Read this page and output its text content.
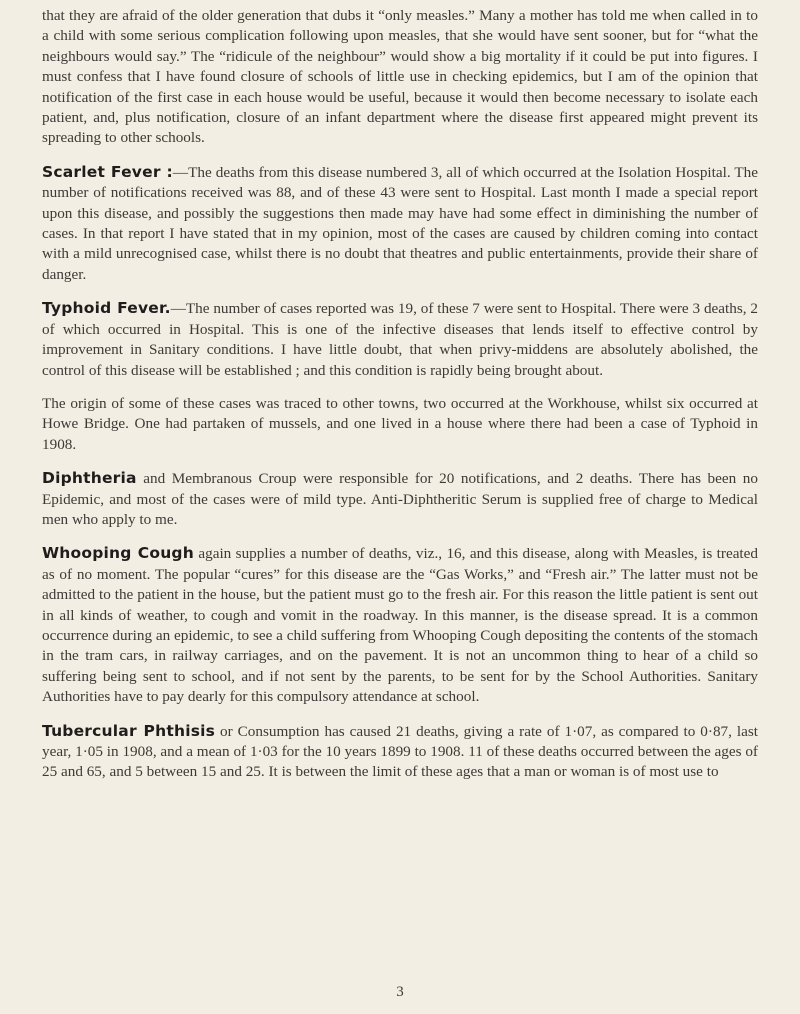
that they are afraid of the older generation that dubs it “only measles.” Many a mother has told me when called in to a child with some serious complication following upon measles, that she would have sent sooner, but for “what the neighbours would say.” The “ridicule of the neighbour” would show a big mortality if it could be put into figures. I must confess that I have found closure of schools of little use in checking epidemics, but I am of the opinion that notification of the first case in each house would be useful, because it would then become necessary to isolate each patient, and, plus notification, closure of an infant department where the disease first appeared might prevent its spreading to other schools.

Scarlet Fever :—The deaths from this disease numbered 3, all of which occurred at the Isolation Hospital. The number of notifications received was 88, and of these 43 were sent to Hospital. Last month I made a special report upon this disease, and possibly the suggestions then made may have had some effect in diminishing the number of cases. In that report I have stated that in my opinion, most of the cases are caused by children coming into contact with a mild unrecognised case, whilst there is no doubt that theatres and public entertainments, provide their share of danger.

Typhoid Fever.—The number of cases reported was 19, of these 7 were sent to Hospital. There were 3 deaths, 2 of which occurred in Hospital. This is one of the infective diseases that lends itself to effective control by improvement in Sanitary conditions. I have little doubt, that when privy-middens are absolutely abolished, the control of this disease will be established ; and this condition is rapidly being brought about.

The origin of some of these cases was traced to other towns, two occurred at the Workhouse, whilst six occurred at Howe Bridge. One had partaken of mussels, and one lived in a house where there had been a case of Typhoid in 1908.

Diphtheria and Membranous Croup were responsible for 20 notifications, and 2 deaths. There has been no Epidemic, and most of the cases were of mild type. Anti-Diphtheritic Serum is supplied free of charge to Medical men who apply to me.

Whooping Cough again supplies a number of deaths, viz., 16, and this disease, along with Measles, is treated as of no moment. The popular “cures” for this disease are the “Gas Works,” and “Fresh air.” The latter must not be admitted to the patient in the house, but the patient must go to the fresh air. For this reason the little patient is sent out in all kinds of weather, to cough and vomit in the roadway. In this manner, is the disease spread. It is a common occurrence during an epidemic, to see a child suffering from Whooping Cough depositing the contents of the stomach in the tram cars, in railway carriages, and on the pavement. It is not an uncommon thing to hear of a child so suffering being sent to school, and if not sent by the parents, to be sent for by the School Authorities. Sanitary Authorities have to pay dearly for this compulsory attendance at school.

Tubercular Phthisis or Consumption has caused 21 deaths, giving a rate of 1·07, as compared to 0·87, last year, 1·05 in 1908, and a mean of 1·03 for the 10 years 1899 to 1908. 11 of these deaths occurred between the ages of 25 and 65, and 5 between 15 and 25. It is between the limit of these ages that a man or woman is of most use to

3
